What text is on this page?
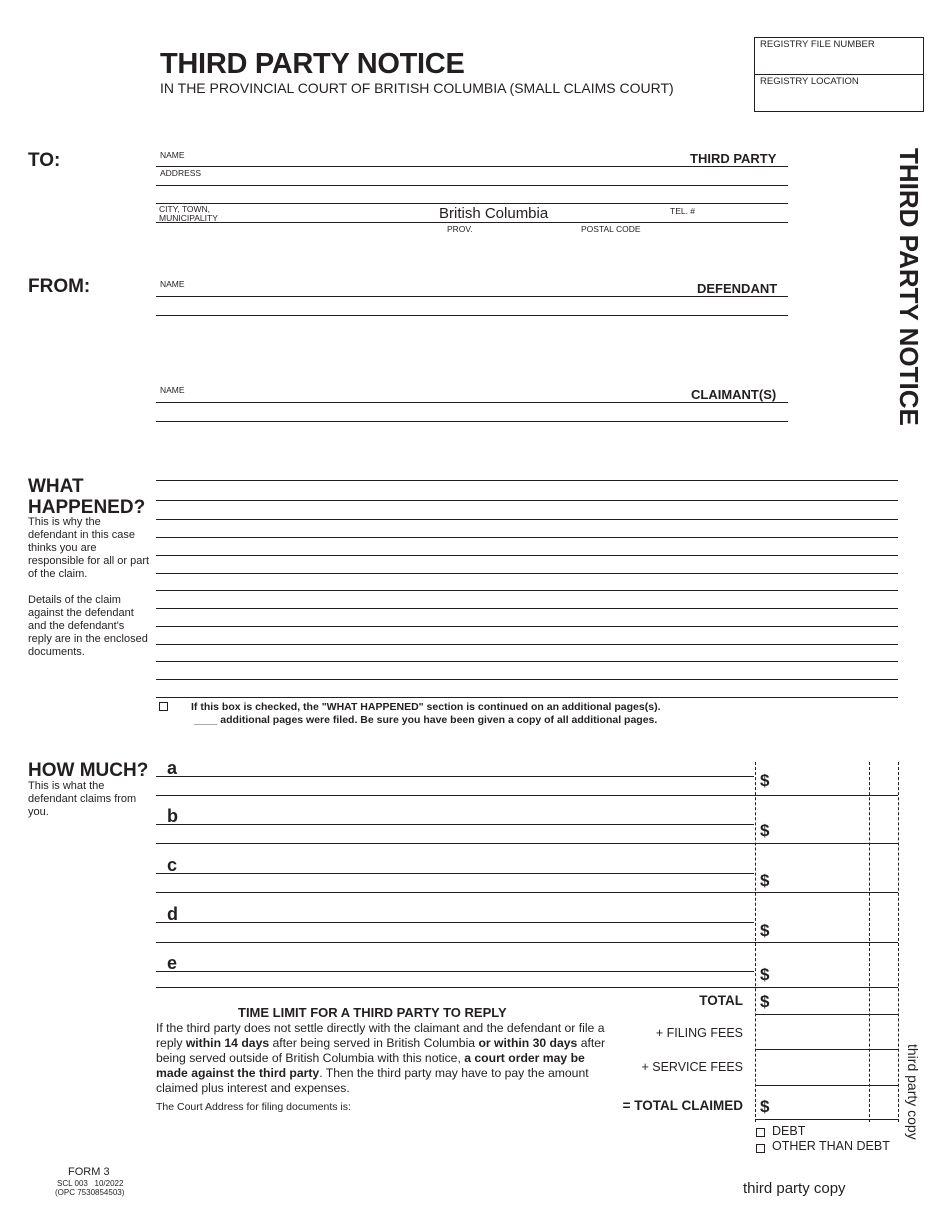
THIRD PARTY NOTICE
IN THE PROVINCIAL COURT OF BRITISH COLUMBIA (SMALL CLAIMS COURT)
REGISTRY FILE NUMBER
REGISTRY LOCATION
THIRD PARTY NOTICE
TO:	NAME	THIRD PARTY
ADDRESS
CITY, TOWN,
MUNICIPALITY	British Columbia	TEL. #
PROV.	POSTAL CODE
FROM:	NAME	DEFENDANT
NAME	CLAIMANT(S)
WHAT
HAPPENED?
This is why the defendant in this case thinks you are responsible for all or part of the claim.
Details of the claim against the defendant and the defendant's reply are in the enclosed documents.
If this box is checked, the "WHAT HAPPENED" section is continued on an additional pages(s).
____ additional pages were filed. Be sure you have been given a copy of all additional pages.
HOW MUCH?
This is what the defendant claims from you.
a
$
b
$
c
$
d
$
e
$
TOTAL $
+ FILING FEES
+ SERVICE FEES
= TOTAL CLAIMED $
DEBT
OTHER THAN DEBT
TIME LIMIT FOR A THIRD PARTY TO REPLY
If the third party does not settle directly with the claimant and the defendant or file a reply within 14 days after being served in British Columbia or within 30 days after being served outside of British Columbia with this notice, a court order may be made against the third party. Then the third party may have to pay the amount claimed plus interest and expenses.
The Court Address for filing documents is:	third party copy
FORM 3
SCL 003   10/2022
(OPC 7530854503)	third party copy
